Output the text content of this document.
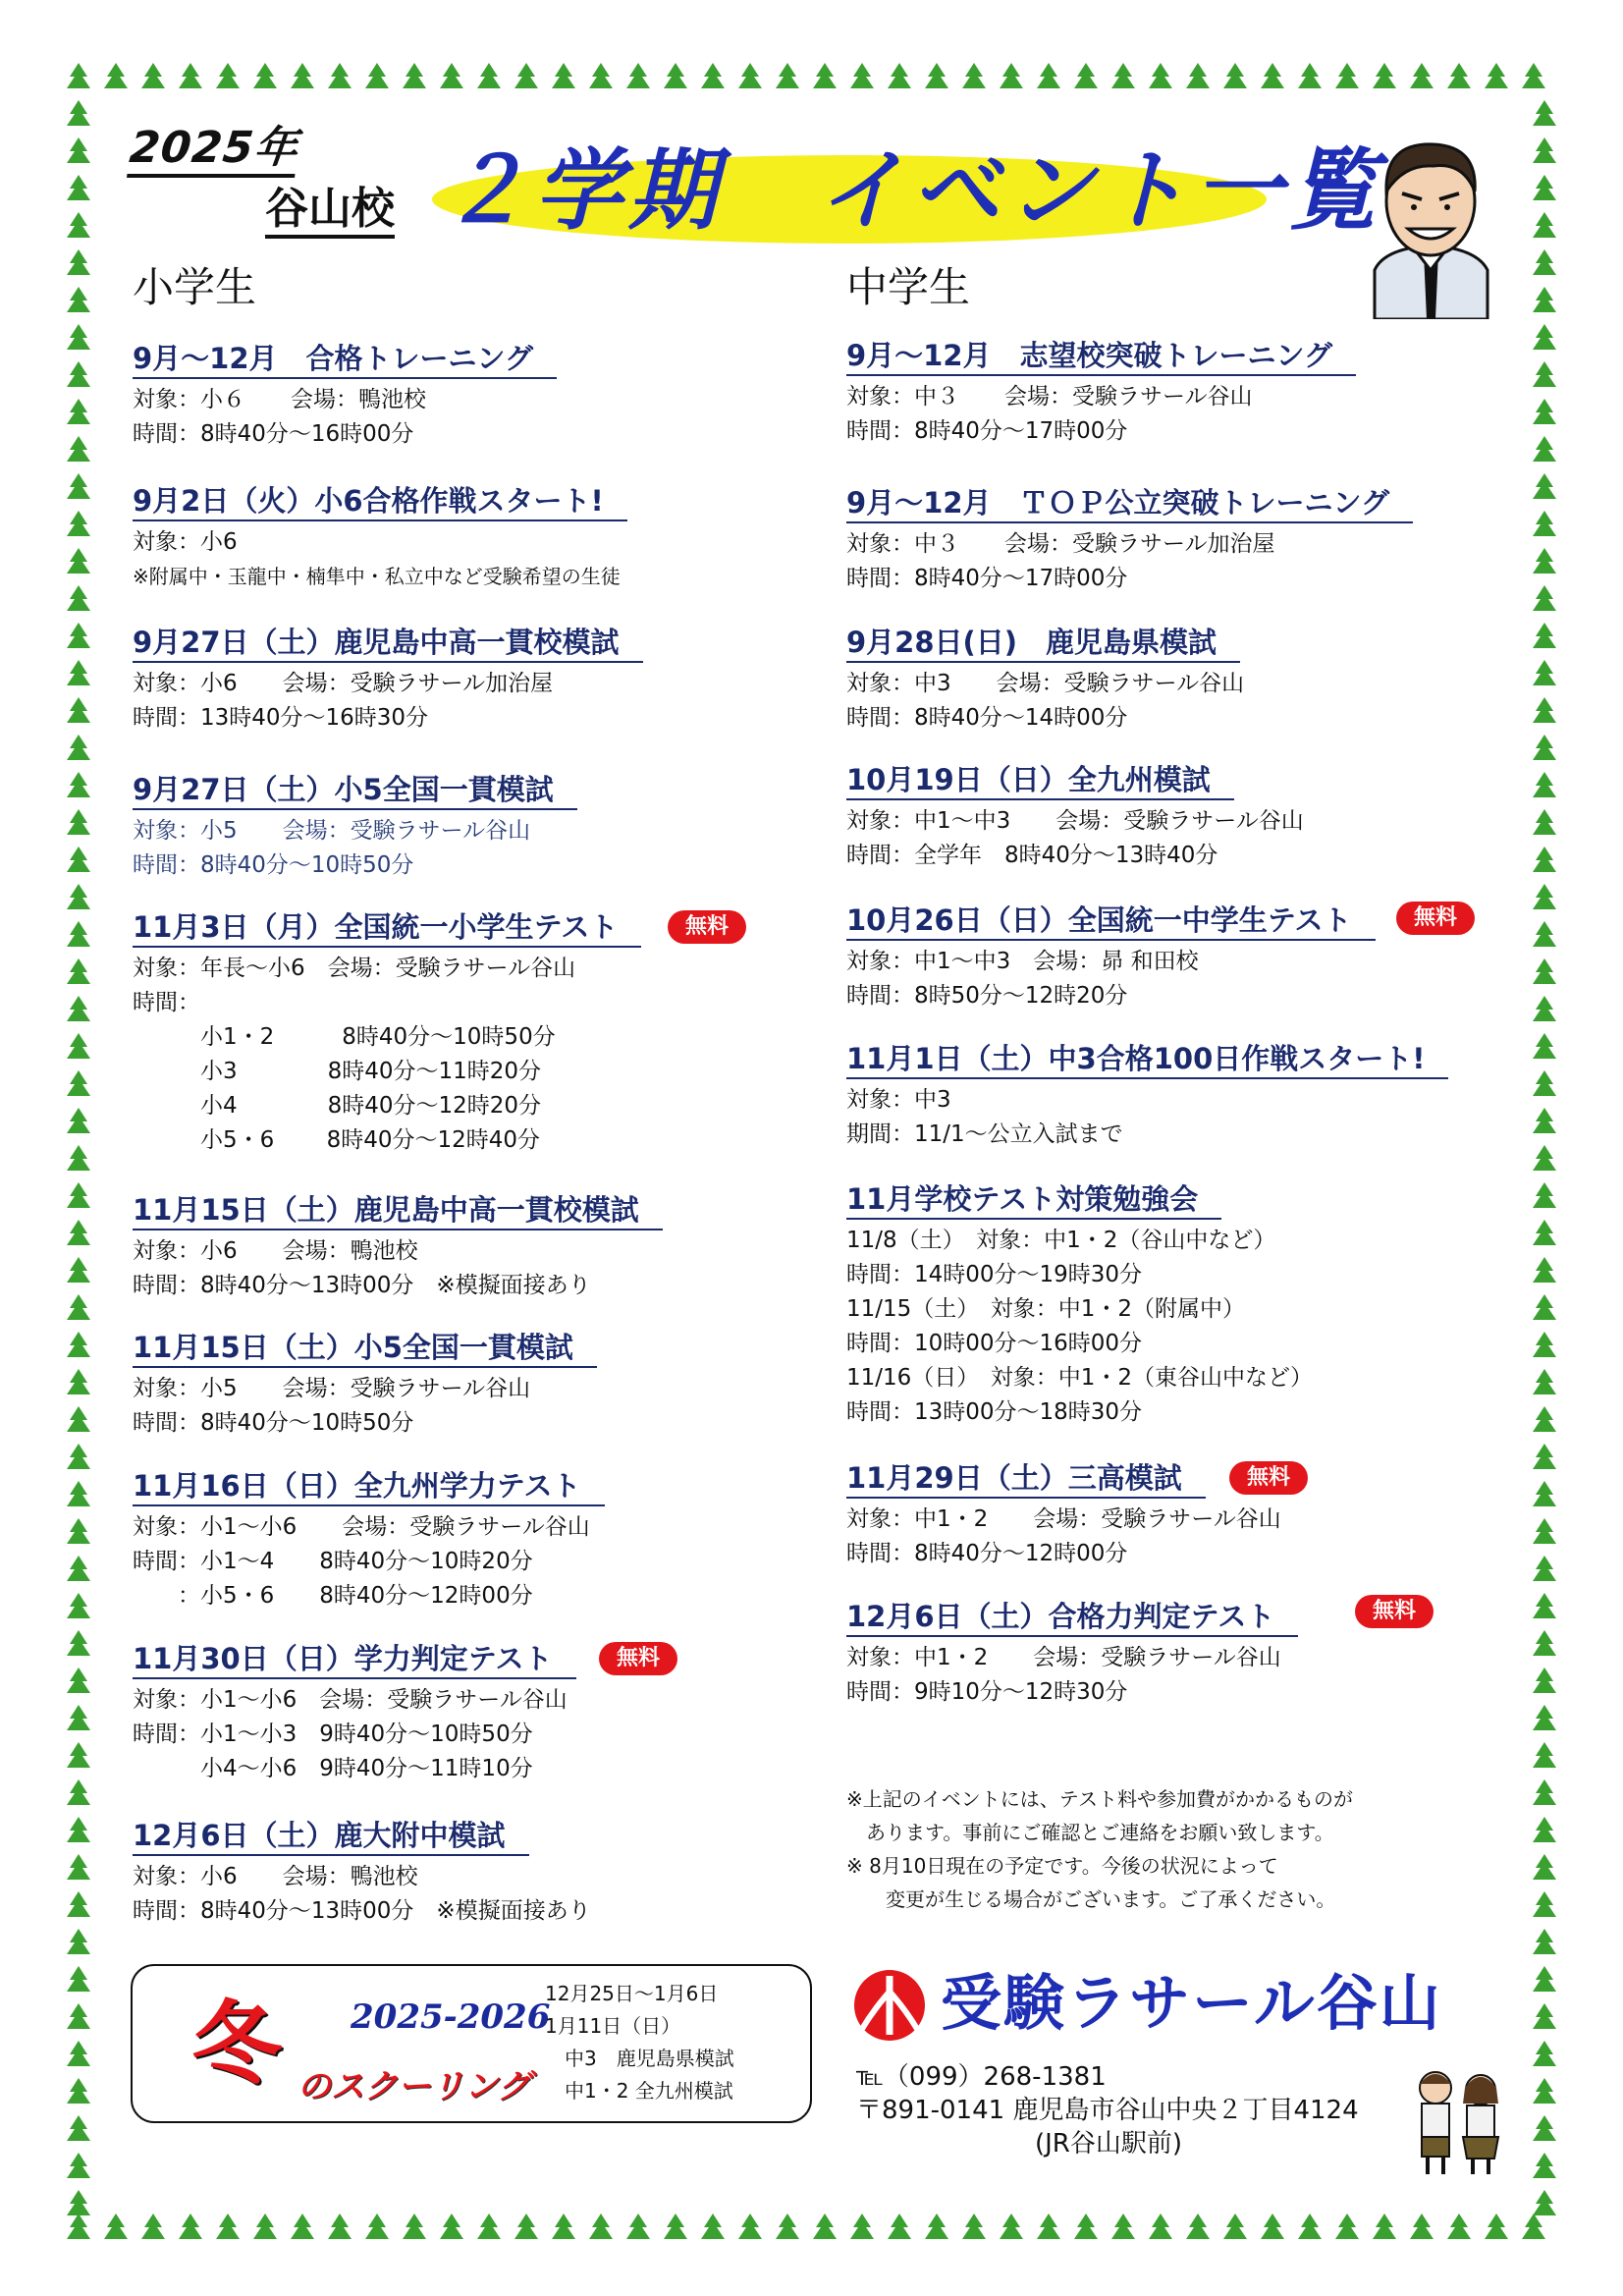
2025年
谷山校 ２学期　イベント一覧
小学生	中学生
9月～12月　合格トレーニング
対象：小６　　会場：鴨池校
時間：8時40分～16時00分
9月2日（火）小6合格作戦スタート!
対象：小6
※附属中・玉龍中・楠隼中・私立中など受験希望の生徒
9月27日（土）鹿児島中高一貫校模試
対象：小6　　会場：受験ラサール加治屋
時間：13時40分～16時30分
9月27日（土）小5全国一貫模試
対象：小5　　会場：受験ラサール谷山
時間：8時40分～10時50分
11月3日（月）全国統一小学生テスト
対象：年長～小6　会場：受験ラサール谷山
時間：
　　　小1・2　　　8時40分～10時50分
　　　小3　　　　8時40分～11時20分
　　　小4　　　　8時40分～12時20分
　　　小5・6　　 8時40分～12時40分
無料
11月15日（土）鹿児島中高一貫校模試
対象：小6　　会場：鴨池校
時間：8時40分～13時00分　※模擬面接あり
11月15日（土）小5全国一貫模試
対象：小5　　会場：受験ラサール谷山
時間：8時40分～10時50分
11月16日（日）全九州学力テスト
対象：小1～小6　　会場：受験ラサール谷山
時間：小1～4　　8時40分～10時20分
　　：小5・6　　8時40分～12時00分
11月30日（日）学力判定テスト
対象：小1～小6　会場：受験ラサール谷山
時間：小1～小3　9時40分～10時50分
　　　小4～小6　9時40分～11時10分
無料
12月6日（土）鹿大附中模試
対象：小6　　会場：鴨池校
時間：8時40分～13時00分　※模擬面接あり
9月～12月　志望校突破トレーニング
対象：中３　　会場：受験ラサール谷山
時間：8時40分～17時00分
9月～12月　ＴＯＰ公立突破トレーニング
対象：中３　　会場：受験ラサール加治屋
時間：8時40分～17時00分
9月28日(日)　鹿児島県模試
対象：中3　　会場：受験ラサール谷山
時間：8時40分～14時00分
10月19日（日）全九州模試
対象：中1～中3　　会場：受験ラサール谷山
時間：全学年　8時40分～13時40分
10月26日（日）全国統一中学生テスト
対象：中1～中3　会場：昴 和田校
時間：8時50分～12時20分
無料
11月1日（土）中3合格100日作戦スタート!
対象：中3
期間：11/1～公立入試まで
11月学校テスト対策勉強会
11/8（土）　対象：中1・2（谷山中など）
時間：14時00分～19時30分
11/15（土）　対象：中1・2（附属中）
時間：10時00分～16時00分
11/16（日）　対象：中1・2（東谷山中など）
時間：13時00分～18時30分
11月29日（土）三高模試
対象：中1・2　　会場：受験ラサール谷山
時間：8時40分～12時00分
無料
12月6日（土）合格力判定テスト
対象：中1・2　　会場：受験ラサール谷山
時間：9時10分～12時30分
無料
※上記のイベントには、テスト料や参加費がかかるものが
　あります。事前にご確認とご連絡をお願い致します。
※ 8月10日現在の予定です。今後の状況によって
　　変更が生じる場合がございます。ご了承ください。
2025-2026
冬 のスクーリング
12月25日～1月6日
1月11日（日）
　中3　鹿児島県模試
　中1・2 全九州模試
受験ラサール谷山
℡（099）268-1381
〒891-0141 鹿児島市谷山中央２丁目4124
　　　　　　　(JR谷山駅前)
